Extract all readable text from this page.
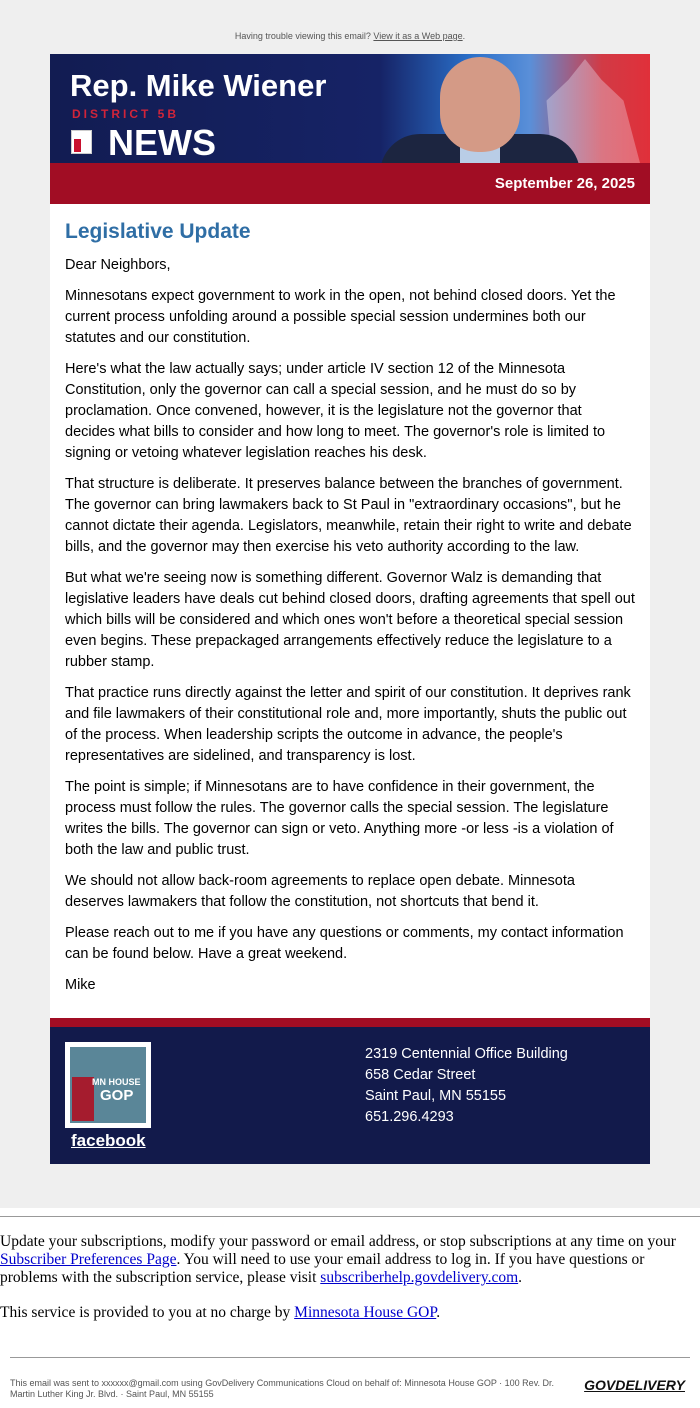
Having trouble viewing this email? View it as a Web page.
Rep. Mike Wiener
DISTRICT 5B
NEWS
September 26, 2025
Legislative Update

Dear Neighbors,

Minnesotans expect government to work in the open, not behind closed doors. Yet the current process unfolding around a possible special session undermines both our statutes and our constitution.

Here's what the law actually says; under article IV section 12 of the Minnesota Constitution, only the governor can call a special session, and he must do so by proclamation. Once convened, however, it is the legislature not the governor that decides what bills to consider and how long to meet. The governor's role is limited to signing or vetoing whatever legislation reaches his desk.

That structure is deliberate. It preserves balance between the branches of government. The governor can bring lawmakers back to St Paul in "extraordinary occasions", but he cannot dictate their agenda. Legislators, meanwhile, retain their right to write and debate bills, and the governor may then exercise his veto authority according to the law.

But what we're seeing now is something different. Governor Walz is demanding that legislative leaders have deals cut behind closed doors, drafting agreements that spell out which bills will be considered and which ones won't before a theoretical special session even begins. These prepackaged arrangements effectively reduce the legislature to a rubber stamp.

That practice runs directly against the letter and spirit of our constitution. It deprives rank and file lawmakers of their constitutional role and, more importantly, shuts the public out of the process. When leadership scripts the outcome in advance, the people's representatives are sidelined, and transparency is lost.

The point is simple; if Minnesotans are to have confidence in their government, the process must follow the rules. The governor calls the special session. The legislature writes the bills. The governor can sign or veto. Anything more -or less -is a violation of both the law and public trust.

We should not allow back-room agreements to replace open debate. Minnesota deserves lawmakers that follow the constitution, not shortcuts that bend it.

Please reach out to me if you have any questions or comments, my contact information can be found below. Have a great weekend.

Mike

MN HOUSE
GOP
facebook
2319 Centennial Office Building
658 Cedar Street
Saint Paul, MN 55155
651.296.4293

Update your subscriptions, modify your password or email address, or stop subscriptions at any time on your Subscriber Preferences Page. You will need to use your email address to log in. If you have questions or problems with the subscription service, please visit subscriberhelp.govdelivery.com.

This service is provided to you at no charge by Minnesota House GOP.

This email was sent to xxxxxx@gmail.com using GovDelivery Communications Cloud on behalf of: Minnesota House GOP · 100 Rev. Dr. Martin Luther King Jr. Blvd. · Saint Paul, MN 55155
GOVDELIVERY
